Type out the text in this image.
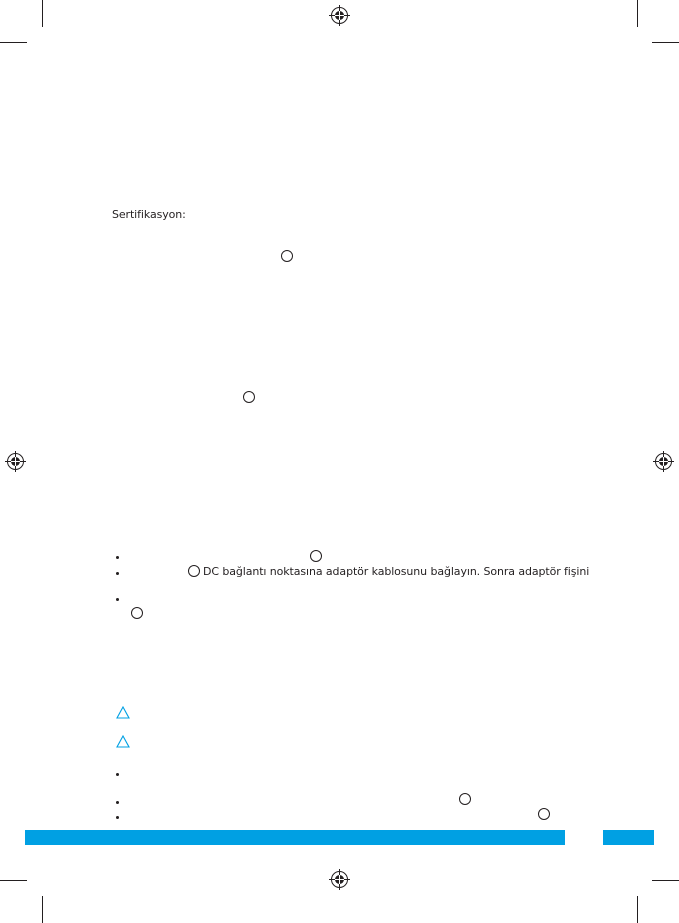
Sertifikasyon:
DC bağlantı noktasına adaptör kablosunu bağlayın. Sonra adaptör fişini
